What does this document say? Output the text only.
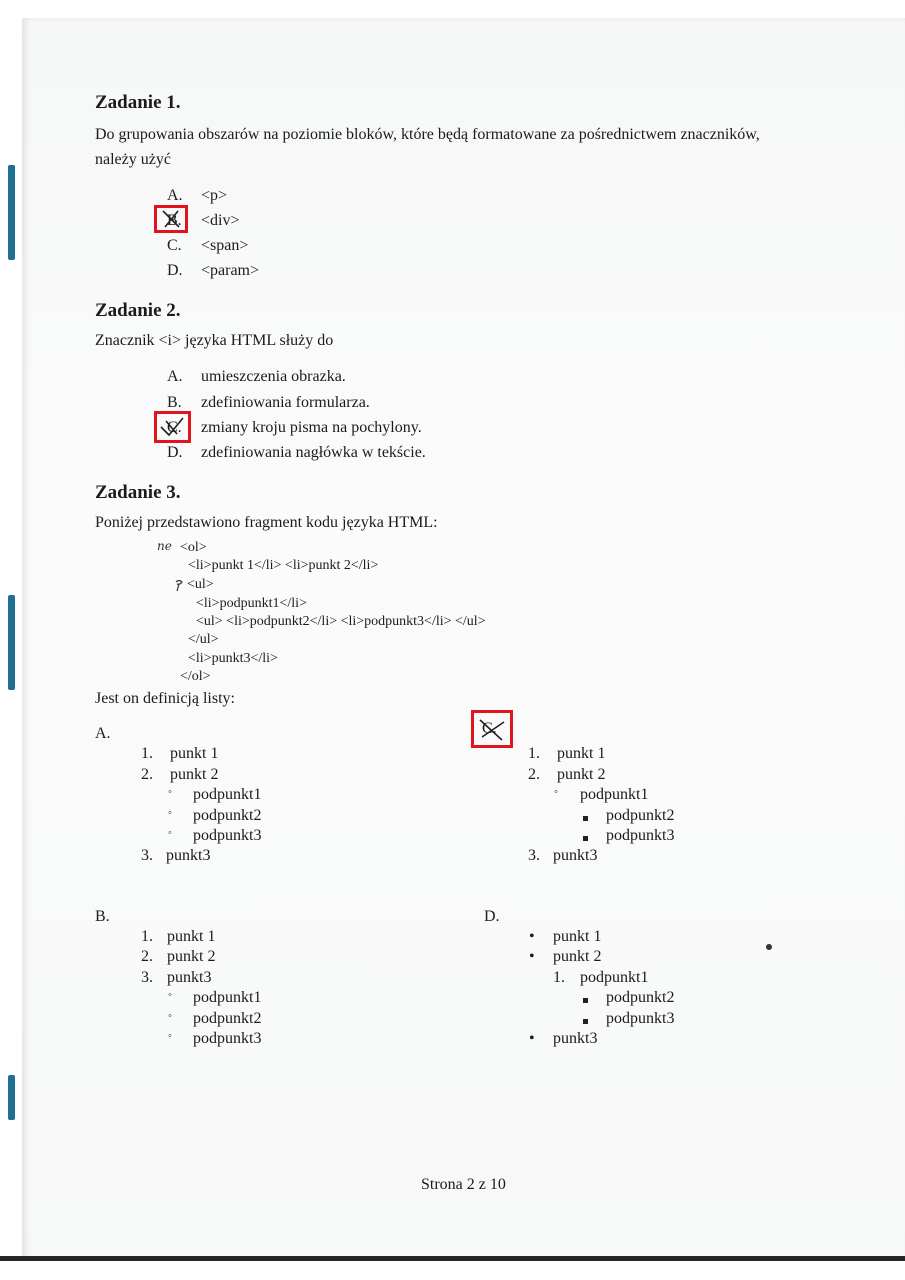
Zadanie 1.
Do grupowania obszarów na poziomie bloków, które będą formatowane za pośrednictwem znaczników,
należy użyć
A. <p>
B. <div>
C. <span>
D. <param>
Zadanie 2.
Znacznik <i> języka HTML służy do
A. umieszczenia obrazka.
B. zdefiniowania formularza.
C. zmiany kroju pisma na pochylony.
D. zdefiniowania nagłówka w tekście.
Zadanie 3.
Poniżej przedstawiono fragment kodu języka HTML:
ne <ol>
<li>punkt 1</li> <li>punkt 2</li>
<ul>
<li>podpunkt1</li>
<ul> <li>podpunkt2</li> <li>podpunkt3</li> </ul>
</ul>
<li>punkt3</li>
</ol>
Jest on definicją listy:
A.
1. punkt 1
2. punkt 2
◦ podpunkt1
◦ podpunkt2
◦ podpunkt3
3. punkt3
C.
1. punkt 1
2. punkt 2
◦ podpunkt1
podpunkt2
podpunkt3
3. punkt3
B.
1. punkt 1
2. punkt 2
3. punkt3
◦ podpunkt1
◦ podpunkt2
◦ podpunkt3
D.
• punkt 1
• punkt 2
1. podpunkt1
podpunkt2
podpunkt3
• punkt3
Strona 2 z 10
